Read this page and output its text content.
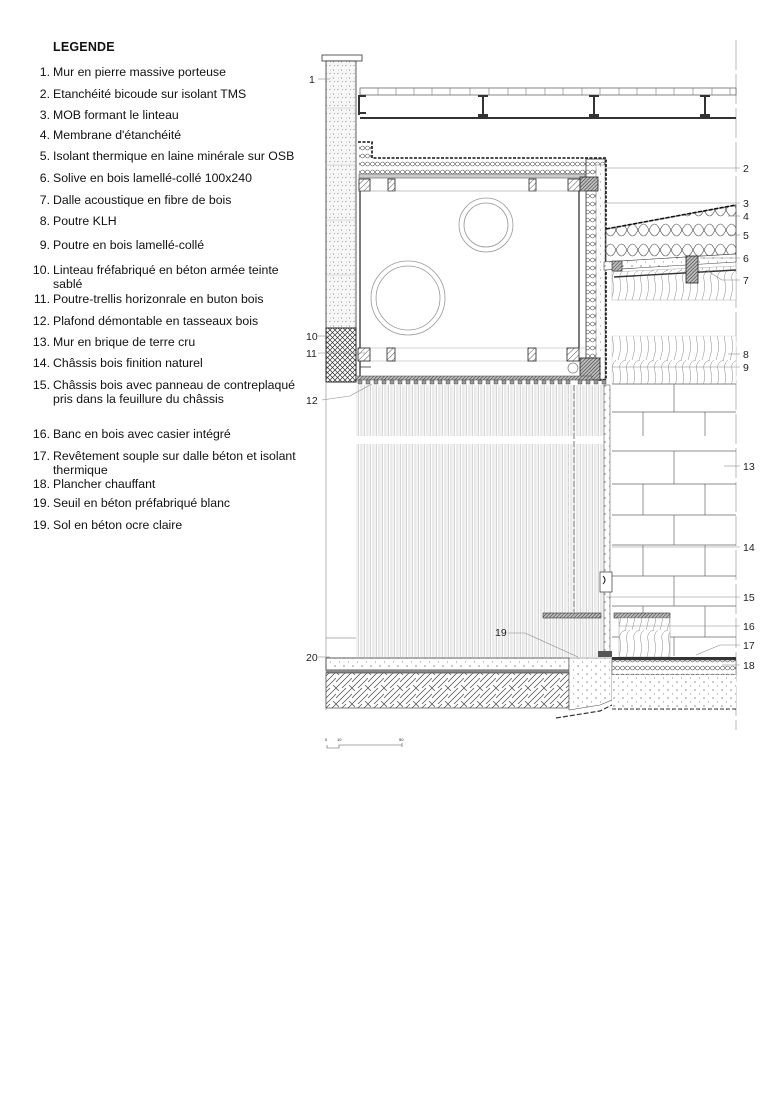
LEGENDE
1. Mur en pierre massive porteuse
2. Etanchéité bicoude sur isolant TMS
3. MOB formant le linteau
4. Membrane d'étanchéité
5. Isolant thermique en laine minérale sur OSB
6. Solive en bois lamellé-collé 100x240
7. Dalle acoustique en fibre de bois
8. Poutre KLH
9. Poutre en bois lamellé-collé
10. Linteau fréfabriqué en béton armée teinte sablé
11. Poutre-trellis horizonrale en buton bois
12. Plafond démontable en tasseaux bois
13. Mur en brique de terre cru
14. Châssis bois finition naturel
15. Châssis bois avec panneau de contreplaqué pris dans la feuillure du châssis
16. Banc en bois avec casier intégré
17. Revêtement souple sur dalle béton et isolant thermique
18. Plancher chauffant
19. Seuil en béton préfabriqué blanc
19. Sol en béton ocre claire
1
10
11
12
20
19
2
3
4
5
6
7
8
9
13
14
15
16
17
18
0 10	50
